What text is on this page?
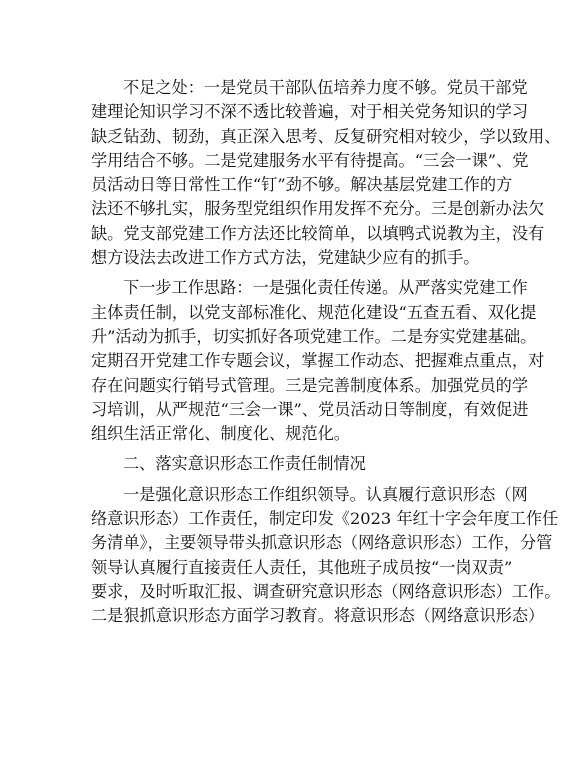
不足之处：一是党员干部队伍培养力度不够。党员干部党
建理论知识学习不深不透比较普遍，对于相关党务知识的学习
缺乏钻劲、韧劲，真正深入思考、反复研究相对较少，学以致用、
学用结合不够。二是党建服务水平有待提高。“三会一课”、党
员活动日等日常性工作“钉”劲不够。解决基层党建工作的方
法还不够扎实，服务型党组织作用发挥不充分。三是创新办法欠
缺。党支部党建工作方法还比较简单，以填鸭式说教为主，没有
想方设法去改进工作方式方法，党建缺少应有的抓手。
下一步工作思路：一是强化责任传递。从严落实党建工作
主体责任制，以党支部标准化、规范化建设“五查五看、双化提
升”活动为抓手，切实抓好各项党建工作。二是夯实党建基础。
定期召开党建工作专题会议，掌握工作动态、把握难点重点，对
存在问题实行销号式管理。三是完善制度体系。加强党员的学
习培训，从严规范“三会一课”、党员活动日等制度，有效促进
组织生活正常化、制度化、规范化。
二、落实意识形态工作责任制情况
一是强化意识形态工作组织领导。认真履行意识形态（网
络意识形态）工作责任，制定印发《2023 年红十字会年度工作任
务清单》，主要领导带头抓意识形态（网络意识形态）工作，分管
领导认真履行直接责任人责任，其他班子成员按“一岗双责”
要求，及时听取汇报、调查研究意识形态（网络意识形态）工作。
二是狠抓意识形态方面学习教育。将意识形态（网络意识形态）
